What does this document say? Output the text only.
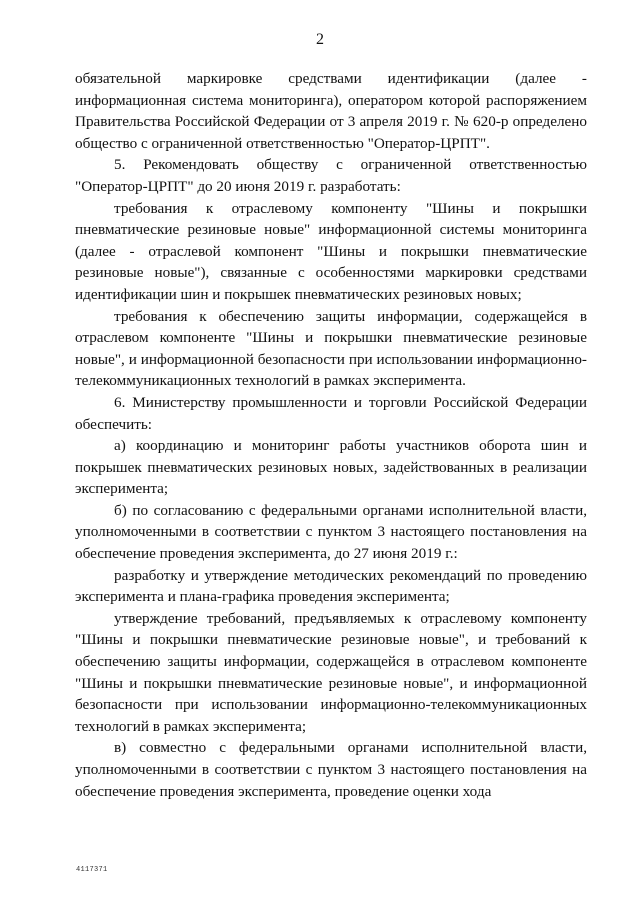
2

обязательной маркировке средствами идентификации (далее - информационная система мониторинга), оператором которой распоряжением Правительства Российской Федерации от 3 апреля 2019 г. № 620-р определено общество с ограниченной ответственностью "Оператор-ЦРПТ".

5. Рекомендовать обществу с ограниченной ответственностью "Оператор-ЦРПТ" до 20 июня 2019 г. разработать:

требования к отраслевому компоненту "Шины и покрышки пневматические резиновые новые" информационной системы мониторинга (далее - отраслевой компонент "Шины и покрышки пневматические резиновые новые"), связанные с особенностями маркировки средствами идентификации шин и покрышек пневматических резиновых новых;

требования к обеспечению защиты информации, содержащейся в отраслевом компоненте "Шины и покрышки пневматические резиновые новые", и информационной безопасности при использовании информационно-телекоммуникационных технологий в рамках эксперимента.

6. Министерству промышленности и торговли Российской Федерации обеспечить:

а) координацию и мониторинг работы участников оборота шин и покрышек пневматических резиновых новых, задействованных в реализации эксперимента;

б) по согласованию с федеральными органами исполнительной власти, уполномоченными в соответствии с пунктом 3 настоящего постановления на обеспечение проведения эксперимента, до 27 июня 2019 г.:

разработку и утверждение методических рекомендаций по проведению эксперимента и плана-графика проведения эксперимента;

утверждение требований, предъявляемых к отраслевому компоненту "Шины и покрышки пневматические резиновые новые", и требований к обеспечению защиты информации, содержащейся в отраслевом компоненте "Шины и покрышки пневматические резиновые новые", и информационной безопасности при использовании информационно-телекоммуникационных технологий в рамках эксперимента;

в) совместно с федеральными органами исполнительной власти, уполномоченными в соответствии с пунктом 3 настоящего постановления на обеспечение проведения эксперимента, проведение оценки хода

4117371
